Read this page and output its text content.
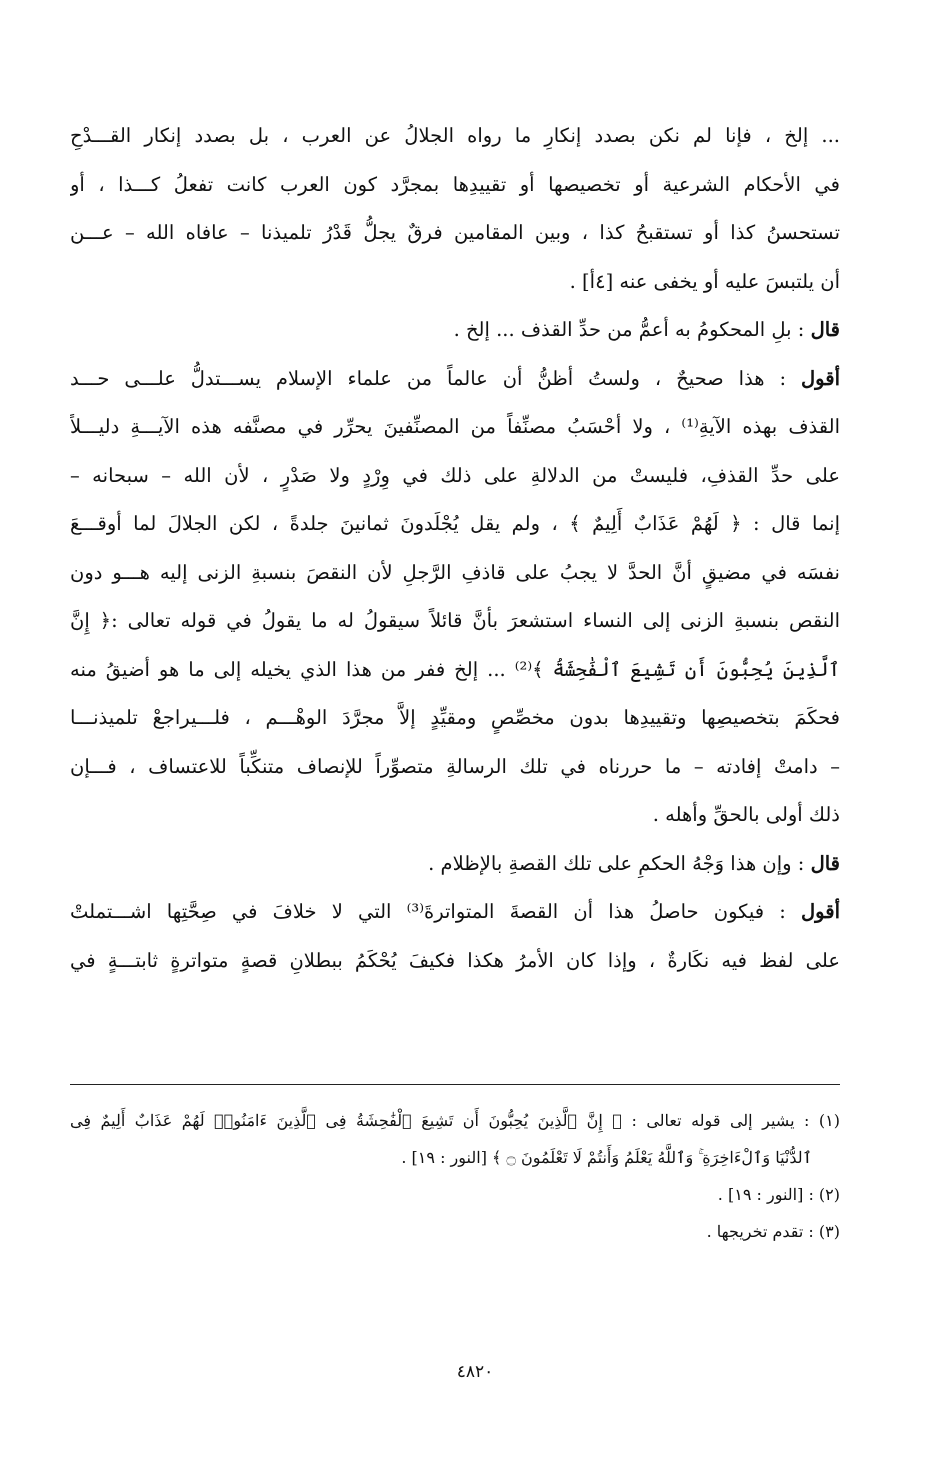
... إلخ ، فإنا لم نكن بصدد إنكارِ ما رواه الجلالُ عن العرب ، بل بصدد إنكار القـــدْحِ
في الأحكام الشرعية أو تخصيصها أو تقييدِها بمجرَّد كون العرب كانت تفعلُ كـــذا ، أو
تستحسنُ كذا أو تستقبحُ كذا ، وبين المقامين فرقٌ يجلُّ قَدْرُ تلميذنا – عافاه الله – عـــن
أن يلتبسَ عليه أو يخفى عنه [٤أ] .
قال : بلِ المحكومُ به أعمُّ من حدِّ القذف ... إلخ .
أقول : هذا صحيحٌ ، ولستُ أظنُّ أن عالماً من علماء الإسلام يســـتدلُّ علـــى حـــد
القذف بهذه الآيةِ⁽¹⁾ ، ولا أحْسَبُ مصنِّفاً من المصنِّفينَ يحرِّر في مصنَّفه هذه الآيـــةِ دليـــلاً
على حدِّ القذفِ، فليستْ من الدلالةِ على ذلك في وِرْدٍ ولا صَدْرٍ ، لأن الله – سبحانه –
إنما قال : ﴿ لَهُمْ عَذَابٌ أَلِيمٌ ﴾ ، ولم يقل يُجْلَدونَ ثمانينَ جلدةً ، لكن الجلالَ لما أوقـــعَ
نفسَه في مضيقٍ أنَّ الحدَّ لا يجبُ على قاذفِ الرَّجلِ لأن النقصَ بنسبةِ الزنى إليه هـــو دون
النقص بنسبةِ الزنى إلى النساء استشعرَ بأنَّ قائلاً سيقولُ له ما يقولُ في قوله تعالى :﴿ إِنَّ
ٱلَّذِينَ يُحِبُّونَ أَن تَشِيعَ ٱلْفَٰحِشَةُ ﴾⁽²⁾ ... إلخ ففر من هذا الذي يخيله إلى ما هو أضيقُ منه
فحكَمَ بتخصيصِها وتقييدِها بدون مخصِّصٍ ومقيِّدٍ إلاَّ مجرَّدَ الوهْـــم ، فلـــيراجعْ تلميذنـــا
– دامتْ إفادته – ما حررناه في تلك الرسالةِ متصوِّراً للإنصاف متنكِّباً للاعتساف ، فـــإن
ذلك أولى بالحقِّ وأهله .
قال : وإن هذا وَجْهُ الحكمِ على تلك القصةِ بالإظلام .
أقول : فيكون حاصلُ هذا أن القصةَ المتواترةَ⁽³⁾ التي لا خلافَ في صِحَّتِها اشـــتملتْ
على لفظ فيه نكَارةٌ ، وإذا كان الأمرُ هكذا فكيفَ يُحْكَمُ ببطلانِ قصةٍ متواترةٍ ثابتـــةٍ في
(١) : يشير إلى قوله تعالى : ﴿ إِنَّ ٱلَّذِينَ يُحِبُّونَ أَن تَشِيعَ ٱلْفَٰحِشَةُ فِى ٱلَّذِينَ ءَامَنُوا۟ لَهُمْ عَذَابٌ أَلِيمٌ فِى
ٱلدُّنْيَا وَٱلْءَاخِرَةِ ۚ وَٱللَّهُ يَعْلَمُ وَأَنتُمْ لَا تَعْلَمُونَ ۝ ﴾ [النور : ١٩] .
(٢) : [النور : ١٩] .
(٣) : تقدم تخريجها .
٤٨٢٠
